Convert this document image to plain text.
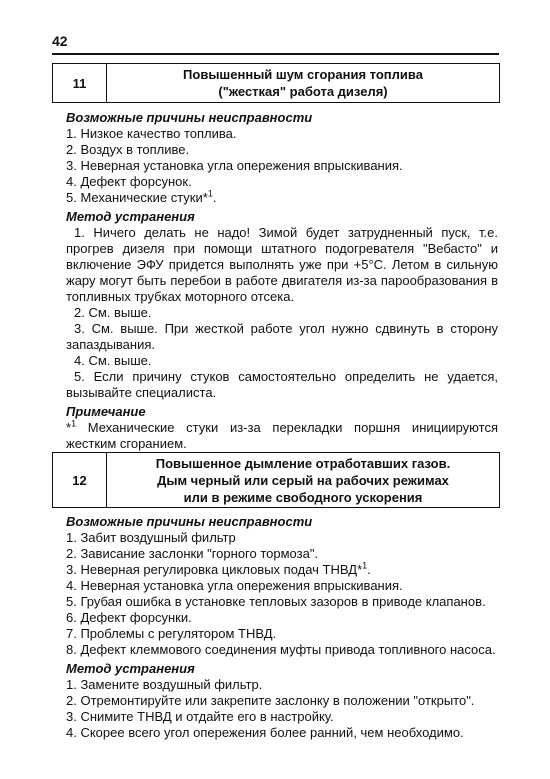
42
11
Повышенный шум сгорания топлива
("жесткая" работа дизеля)
Возможные причины неисправности
1. Низкое качество топлива.
2. Воздух в топливе.
3. Неверная установка угла опережения впрыскивания.
4. Дефект форсунок.
5. Механические стуки*$^1$.
Метод устранения

1. Ничего делать не надо! Зимой будет затрудненный пуск, т.е. прогрев дизеля при помощи штатного подогревателя "Вебасто" и включение ЭФУ придется выполнять уже при +5°С. Летом в сильную жару могут быть перебои в работе двигателя из-за парообразования в топливных трубках моторного отсека.

2. См. выше.

3. См. выше. При жесткой работе угол нужно сдвинуть в сторону запаздывания.

4. См. выше.

5. Если причину стуков самостоятельно определить не удается, вызывайте специалиста.

Примечание

*$^1$ Механические стуки из-за перекладки поршня инициируются жестким сгоранием.

12
Повышенное дымление отработавших газов.
Дым черный или серый на рабочих режимах
или в режиме свободного ускорения
Возможные причины неисправности
1. Забит воздушный фильтр
2. Зависание заслонки "горного тормоза".
3. Неверная регулировка цикловых подач ТНВД*$^1$.
4. Неверная установка угла опережения впрыскивания.
5. Грубая ошибка в установке тепловых зазоров в приводе клапанов.
6. Дефект форсунки.
7. Проблемы с регулятором ТНВД.
8. Дефект клеммового соединения муфты привода топливного насоса.
Метод устранения
1. Замените воздушный фильтр.
2. Отремонтируйте или закрепите заслонку в положении "открыто".
3. Снимите ТНВД и отдайте его в настройку.
4. Скорее всего угол опережения более ранний, чем необходимо.
